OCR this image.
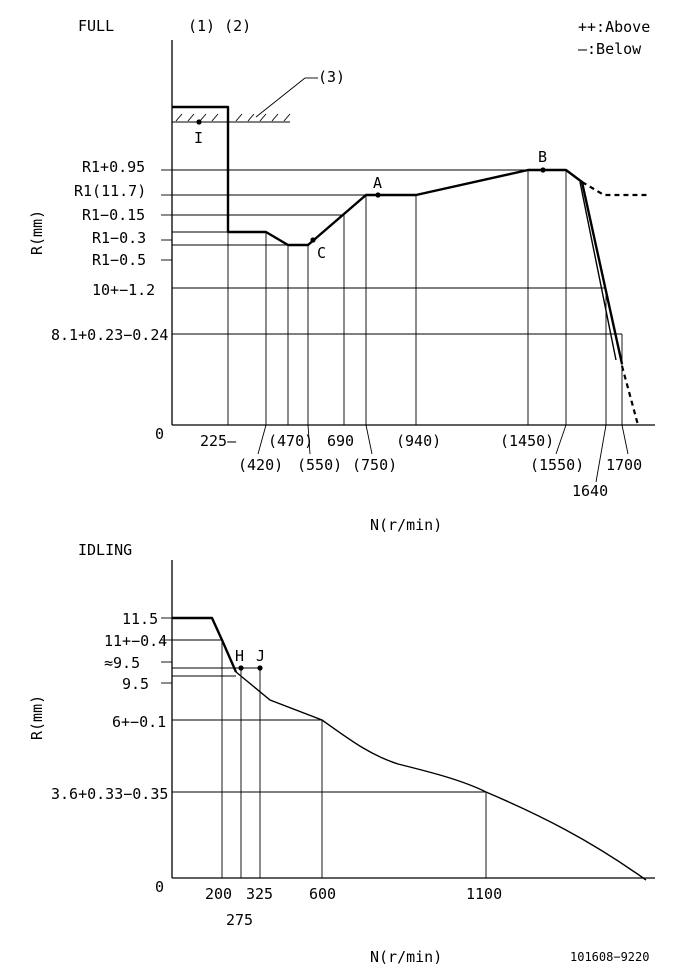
FULL	(1) (2)	++:Above
—:Below
0
R(mm)
R1+0.95
R1(11.7)
R1−0.15
R1−0.3
R1−0.5
10+−1.2
8.1+0.23−0.24
(3)
I
C
A
B
225— (470) 690	(940)	(1450)
(420) (550) (750)	(1550) 1700
1640
N(r/min)
IDLING
0
R(mm)
11.5
11+−0.4
≈9.5
9.5
6+−0.1
3.6+0.33−0.35
H J
200 325 600	1100
275
N(r/min)	101608−9220
